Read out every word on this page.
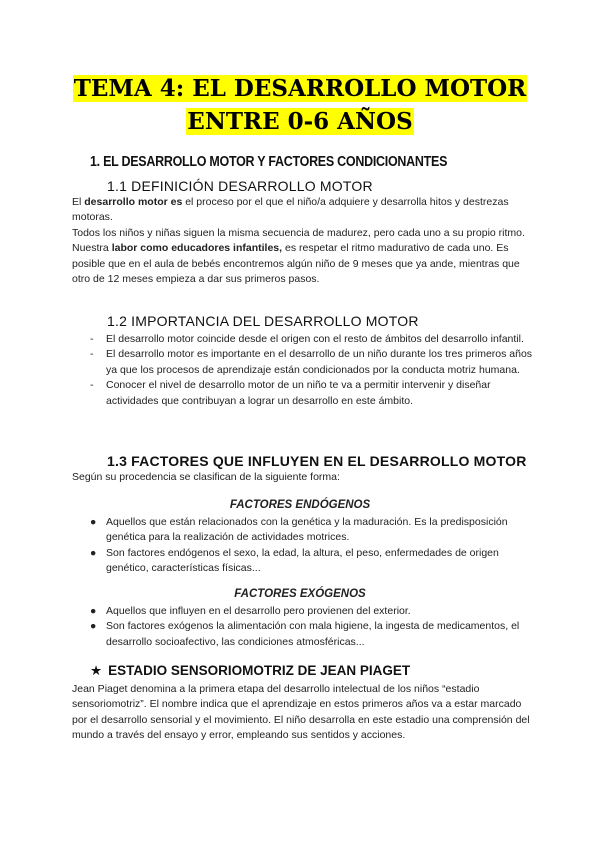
TEMA 4: EL DESARROLLO MOTOR
ENTRE 0-6 AÑOS
1. EL DESARROLLO MOTOR Y FACTORES CONDICIONANTES
1.1 DEFINICIÓN DESARROLLO MOTOR

El desarrollo motor es el proceso por el que el niño/a adquiere y desarrolla hitos y destrezas motoras.

Todos los niños y niñas siguen la misma secuencia de madurez, pero cada uno a su propio ritmo.

Nuestra labor como educadores infantiles, es respetar el ritmo madurativo de cada uno. Es posible que en el aula de bebés encontremos algún niño de 9 meses que ya ande, mientras que otro de 12 meses empieza a dar sus primeros pasos.

1.2 IMPORTANCIA DEL DESARROLLO MOTOR
- El desarrollo motor coincide desde el origen con el resto de ámbitos del desarrollo infantil.
- El desarrollo motor es importante en el desarrollo de un niño durante los tres primeros años ya que los procesos de aprendizaje están condicionados por la conducta motriz humana.
- Conocer el nivel de desarrollo motor de un niño te va a permitir intervenir y diseñar actividades que contribuyan a lograr un desarrollo en este ámbito.
1.3 FACTORES QUE INFLUYEN EN EL DESARROLLO MOTOR
Según su procedencia se clasifican de la siguiente forma:
FACTORES ENDÓGENOS
● Aquellos que están relacionados con la genética y la maduración. Es la predisposición genética para la realización de actividades motrices.
● Son factores endógenos el sexo, la edad, la altura, el peso, enfermedades de origen genético, características físicas...
FACTORES EXÓGENOS
● Aquellos que influyen en el desarrollo pero provienen del exterior.
● Son factores exógenos la alimentación con mala higiene, la ingesta de medicamentos, el desarrollo socioafectivo, las condiciones atmosféricas...
★ ESTADIO SENSORIOMOTRIZ DE JEAN PIAGET
Jean Piaget denomina a la primera etapa del desarrollo intelectual de los niños “estadio sensoriomotriz”. El nombre indica que el aprendizaje en estos primeros años va a estar marcado por el desarrollo sensorial y el movimiento. El niño desarrolla en este estadio una comprensión del mundo a través del ensayo y error, empleando sus sentidos y acciones.
